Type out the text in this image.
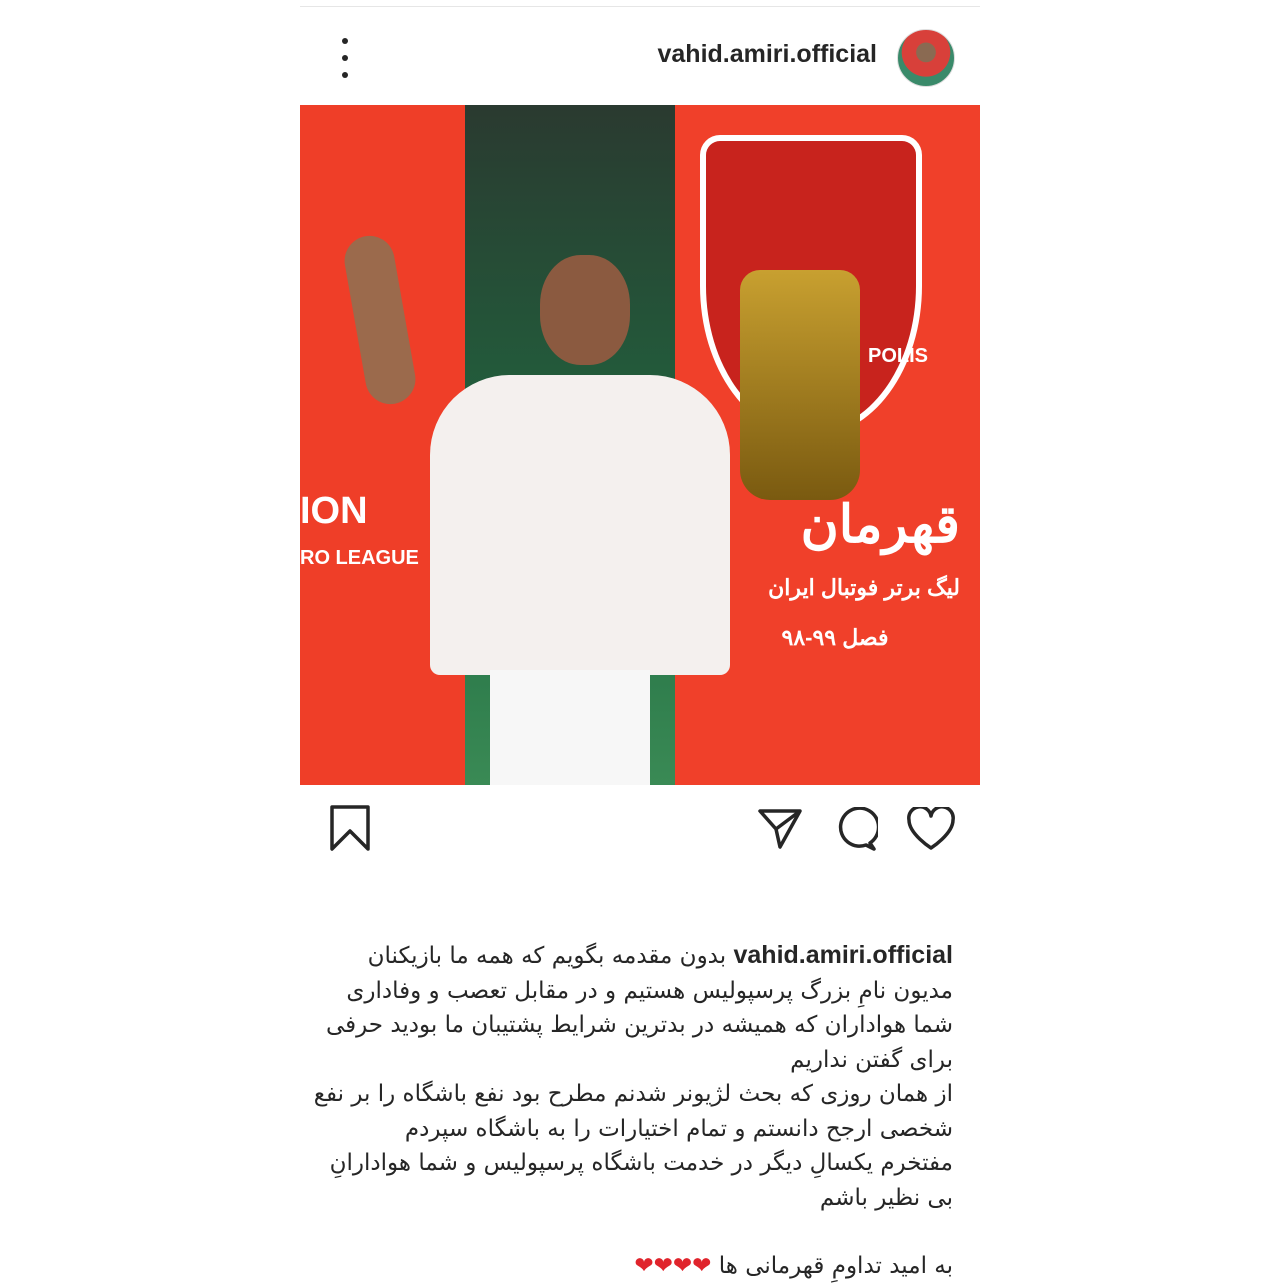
vahid.amiri.official
POLIS
ION
RO LEAGUE
قهرمان
لیگ برتر فوتبال ایران
فصل ۹۹-۹۸
vahid.amiri.official بدون مقدمه بگویم که همه ما بازیکنان
مدیون نامِ بزرگ پرسپولیس هستیم و در مقابل تعصب و وفاداری
شما هواداران که همیشه در بدترین شرایط پشتیبان ما بودید حرفی
برای گفتن نداریم
از همان روزی که بحث لژیونر شدنم مطرح بود نفع باشگاه را بر نفع
شخصی ارجح دانستم و تمام اختیارات را به باشگاه سپردم
مفتخرم یکسالِ دیگر در خدمت باشگاه پرسپولیس و شما هوادارانِ
بی نظیر باشم
به امید تداومِ قهرمانی ها ❤❤❤❤
